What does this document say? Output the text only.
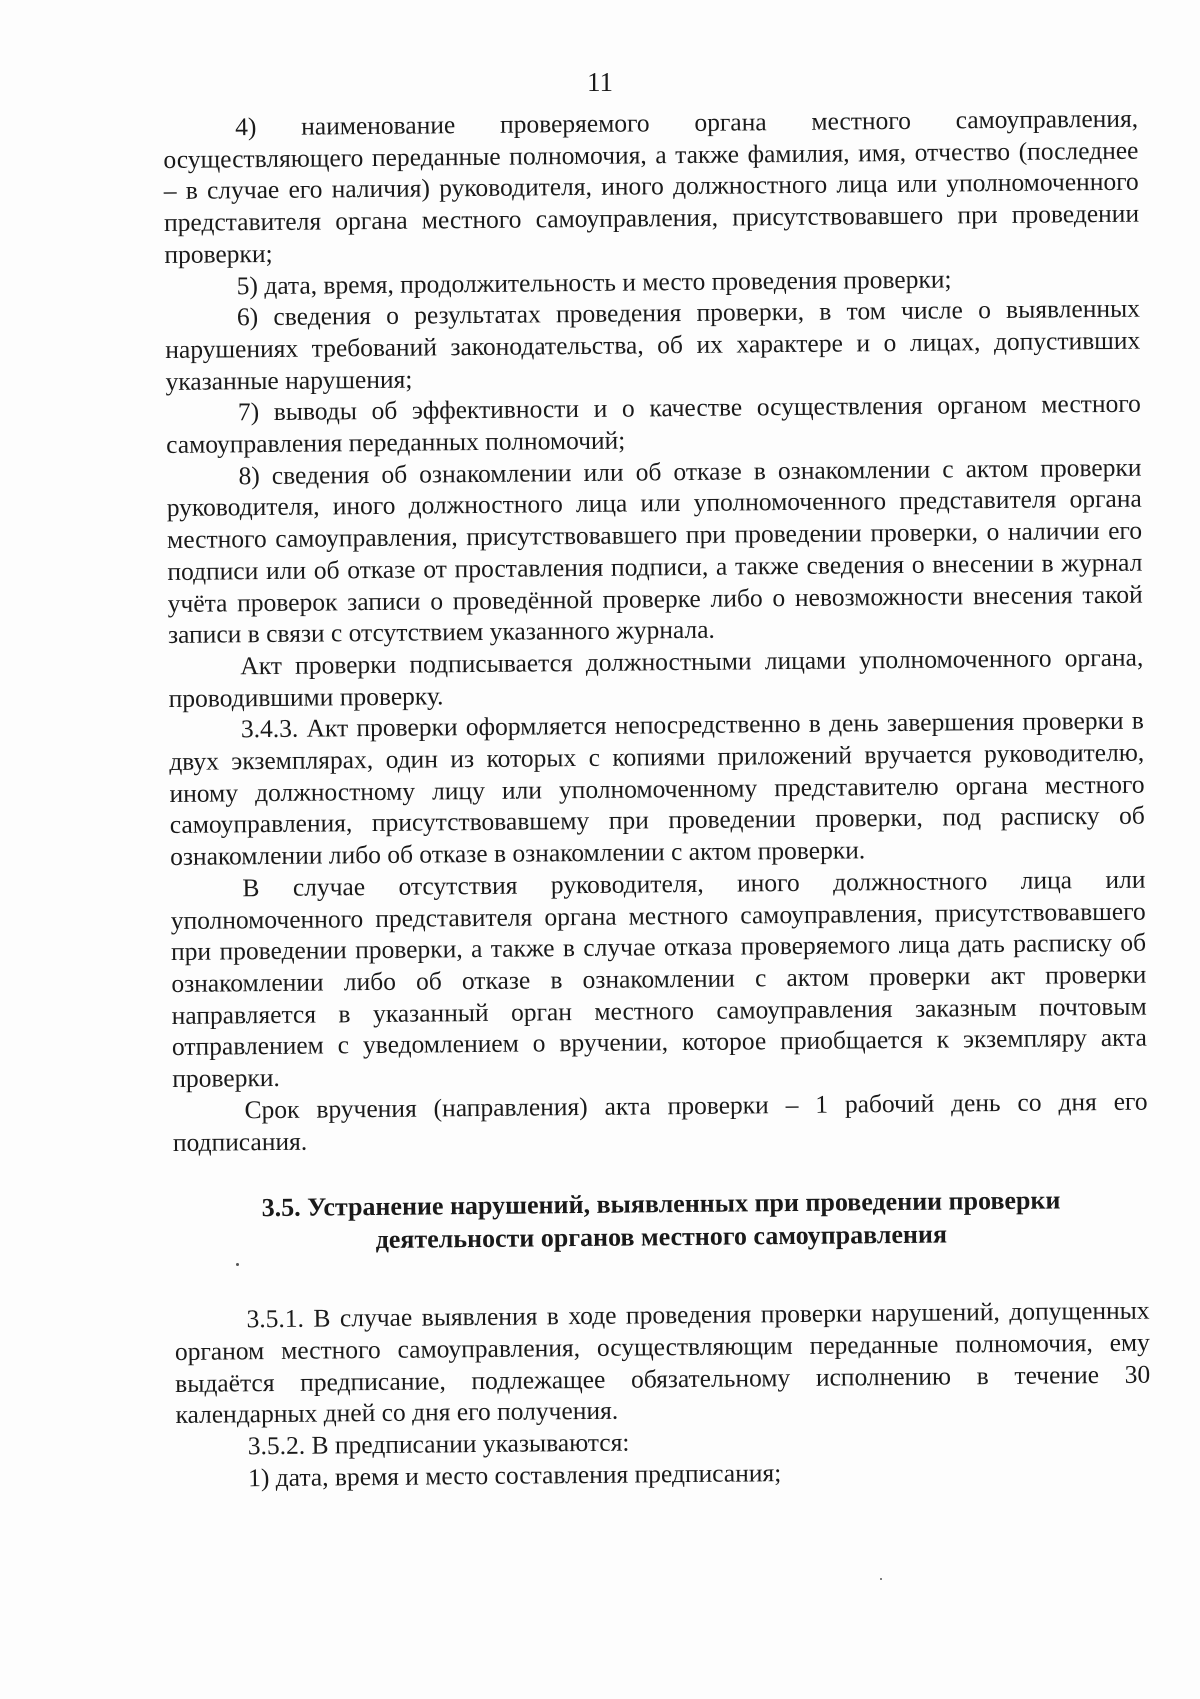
11

4) наименование проверяемого органа местного самоуправления, осуществляющего переданные полномочия, а также фамилия, имя, отчество (последнее – в случае его наличия) руководителя, иного должностного лица или уполномоченного представителя органа местного самоуправления, присутствовавшего при проведении проверки;

5) дата, время, продолжительность и место проведения проверки;

6) сведения о результатах проведения проверки, в том числе о выявленных нарушениях требований законодательства, об их характере и о лицах, допустивших указанные нарушения;

7) выводы об эффективности и о качестве осуществления органом местного самоуправления переданных полномочий;

8) сведения об ознакомлении или об отказе в ознакомлении с актом проверки руководителя, иного должностного лица или уполномоченного представителя органа местного самоуправления, присутствовавшего при проведении проверки, о наличии его подписи или об отказе от проставления подписи, а также сведения о внесении в журнал учёта проверок записи о проведённой проверке либо о невозможности внесения такой записи в связи с отсутствием указанного журнала.

Акт проверки подписывается должностными лицами уполномоченного органа, проводившими проверку.

3.4.3. Акт проверки оформляется непосредственно в день завершения проверки в двух экземплярах, один из которых с копиями приложений вручается руководителю, иному должностному лицу или уполномоченному представителю органа местного самоуправления, присутствовавшему при проведении проверки, под расписку об ознакомлении либо об отказе в ознакомлении с актом проверки.

В случае отсутствия руководителя, иного должностного лица или уполномоченного представителя органа местного самоуправления, присутствовавшего при проведении проверки, а также в случае отказа проверяемого лица дать расписку об ознакомлении либо об отказе в ознакомлении с актом проверки акт проверки направляется в указанный орган местного самоуправления заказным почтовым отправлением с уведомлением о вручении, которое приобщается к экземпляру акта проверки.

Срок вручения (направления) акта проверки – 1 рабочий день со дня его подписания.

3.5. Устранение нарушений, выявленных при проведении проверки деятельности органов местного самоуправления

3.5.1. В случае выявления в ходе проведения проверки нарушений, допущенных органом местного самоуправления, осуществляющим переданные полномочия, ему выдаётся предписание, подлежащее обязательному исполнению в течение 30 календарных дней со дня его получения.

3.5.2. В предписании указываются:

1) дата, время и место составления предписания;
